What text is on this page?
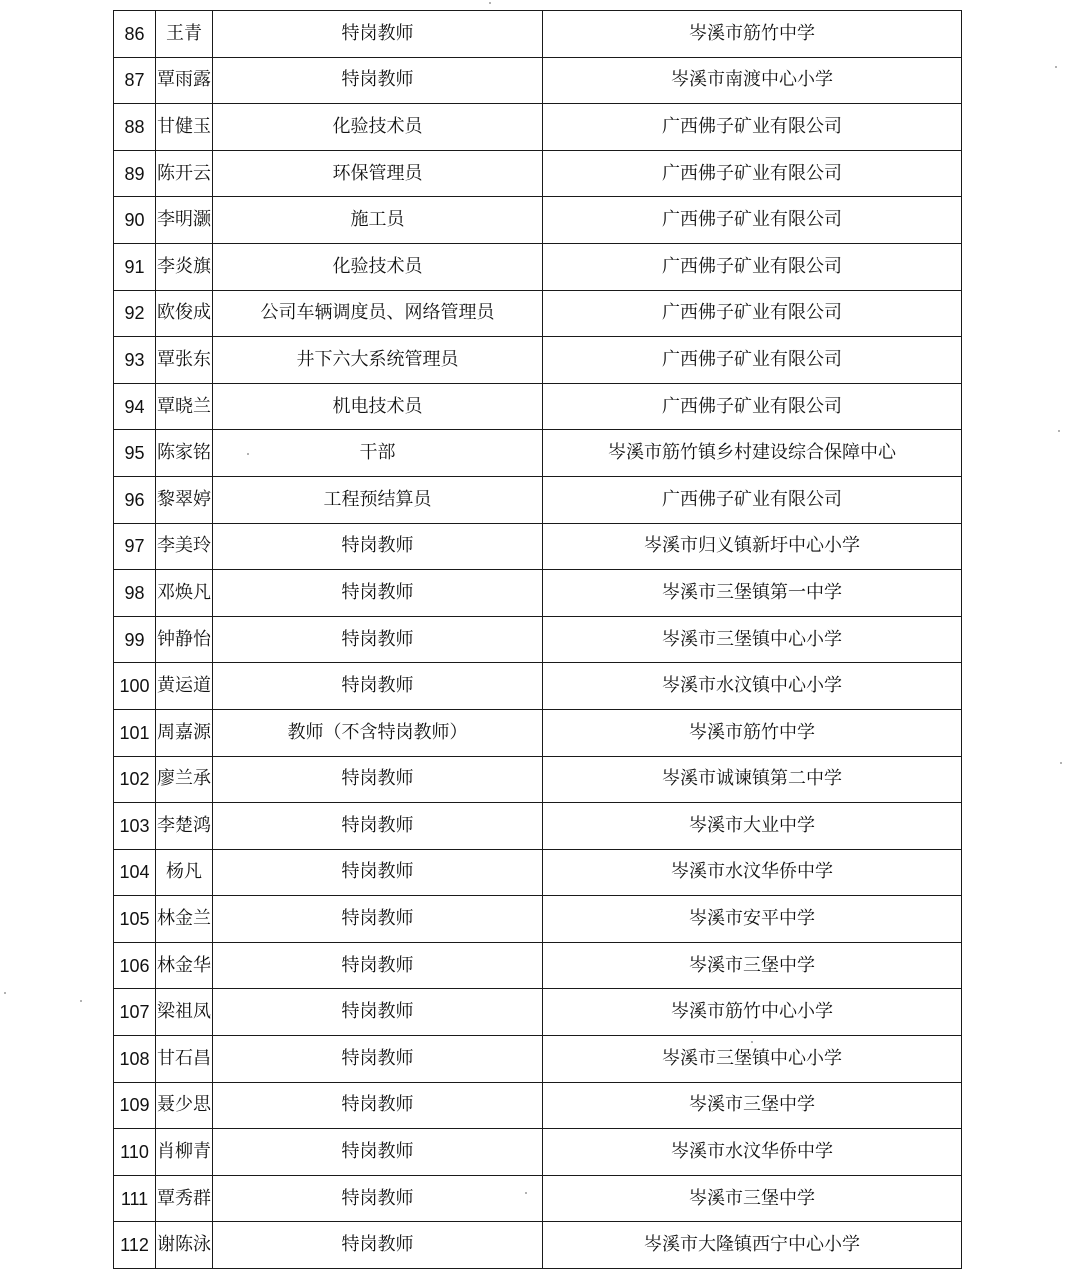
86	王青	特岗教师	岑溪市筋竹中学
87	覃雨露	特岗教师	岑溪市南渡中心小学
88	甘健玉	化验技术员	广西佛子矿业有限公司
89	陈开云	环保管理员	广西佛子矿业有限公司
90	李明灏	施工员	广西佛子矿业有限公司
91	李炎旗	化验技术员	广西佛子矿业有限公司
92	欧俊成	公司车辆调度员、网络管理员	广西佛子矿业有限公司
93	覃张东	井下六大系统管理员	广西佛子矿业有限公司
94	覃晓兰	机电技术员	广西佛子矿业有限公司
95	陈家铭	干部	岑溪市筋竹镇乡村建设综合保障中心
96	黎翠婷	工程预结算员	广西佛子矿业有限公司
97	李美玲	特岗教师	岑溪市归义镇新圩中心小学
98	邓焕凡	特岗教师	岑溪市三堡镇第一中学
99	钟静怡	特岗教师	岑溪市三堡镇中心小学
100	黄运道	特岗教师	岑溪市水汶镇中心小学
101	周嘉源	教师（不含特岗教师）	岑溪市筋竹中学
102	廖兰承	特岗教师	岑溪市诚谏镇第二中学
103	李楚鸿	特岗教师	岑溪市大业中学
104	杨凡	特岗教师	岑溪市水汶华侨中学
105	林金兰	特岗教师	岑溪市安平中学
106	林金华	特岗教师	岑溪市三堡中学
107	梁祖凤	特岗教师	岑溪市筋竹中心小学
108	甘石昌	特岗教师	岑溪市三堡镇中心小学
109	聂少思	特岗教师	岑溪市三堡中学
110	肖柳青	特岗教师	岑溪市水汶华侨中学
111	覃秀群	特岗教师	岑溪市三堡中学
112	谢陈泳	特岗教师	岑溪市大隆镇西宁中心小学
